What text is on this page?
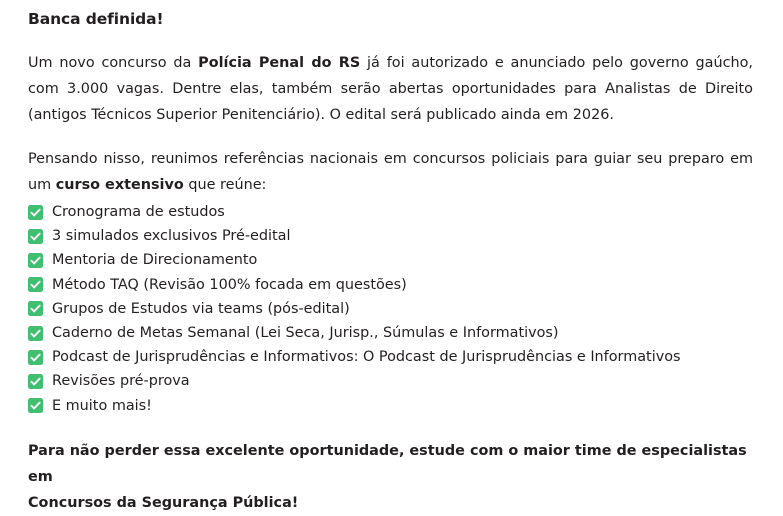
Banca definida!

Um novo concurso da Polícia Penal do RS já foi autorizado e anunciado pelo governo gaúcho, com 3.000 vagas. Dentre elas, também serão abertas oportunidades para Analistas de Direito (antigos Técnicos Superior Penitenciário). O edital será publicado ainda em 2026.

Pensando nisso, reunimos referências nacionais em concursos policiais para guiar seu preparo em um curso extensivo que reúne:

Cronograma de estudos
3 simulados exclusivos Pré-edital
Mentoria de Direcionamento
Método TAQ (Revisão 100% focada em questões)
Grupos de Estudos via teams (pós-edital)
Caderno de Metas Semanal (Lei Seca, Jurisp., Súmulas e Informativos)
Podcast de Jurisprudências e Informativos: O Podcast de Jurisprudências e Informativos
Revisões pré-prova
E muito mais!

Para não perder essa excelente oportunidade, estude com o maior time de especialistas em
Concursos da Segurança Pública!
